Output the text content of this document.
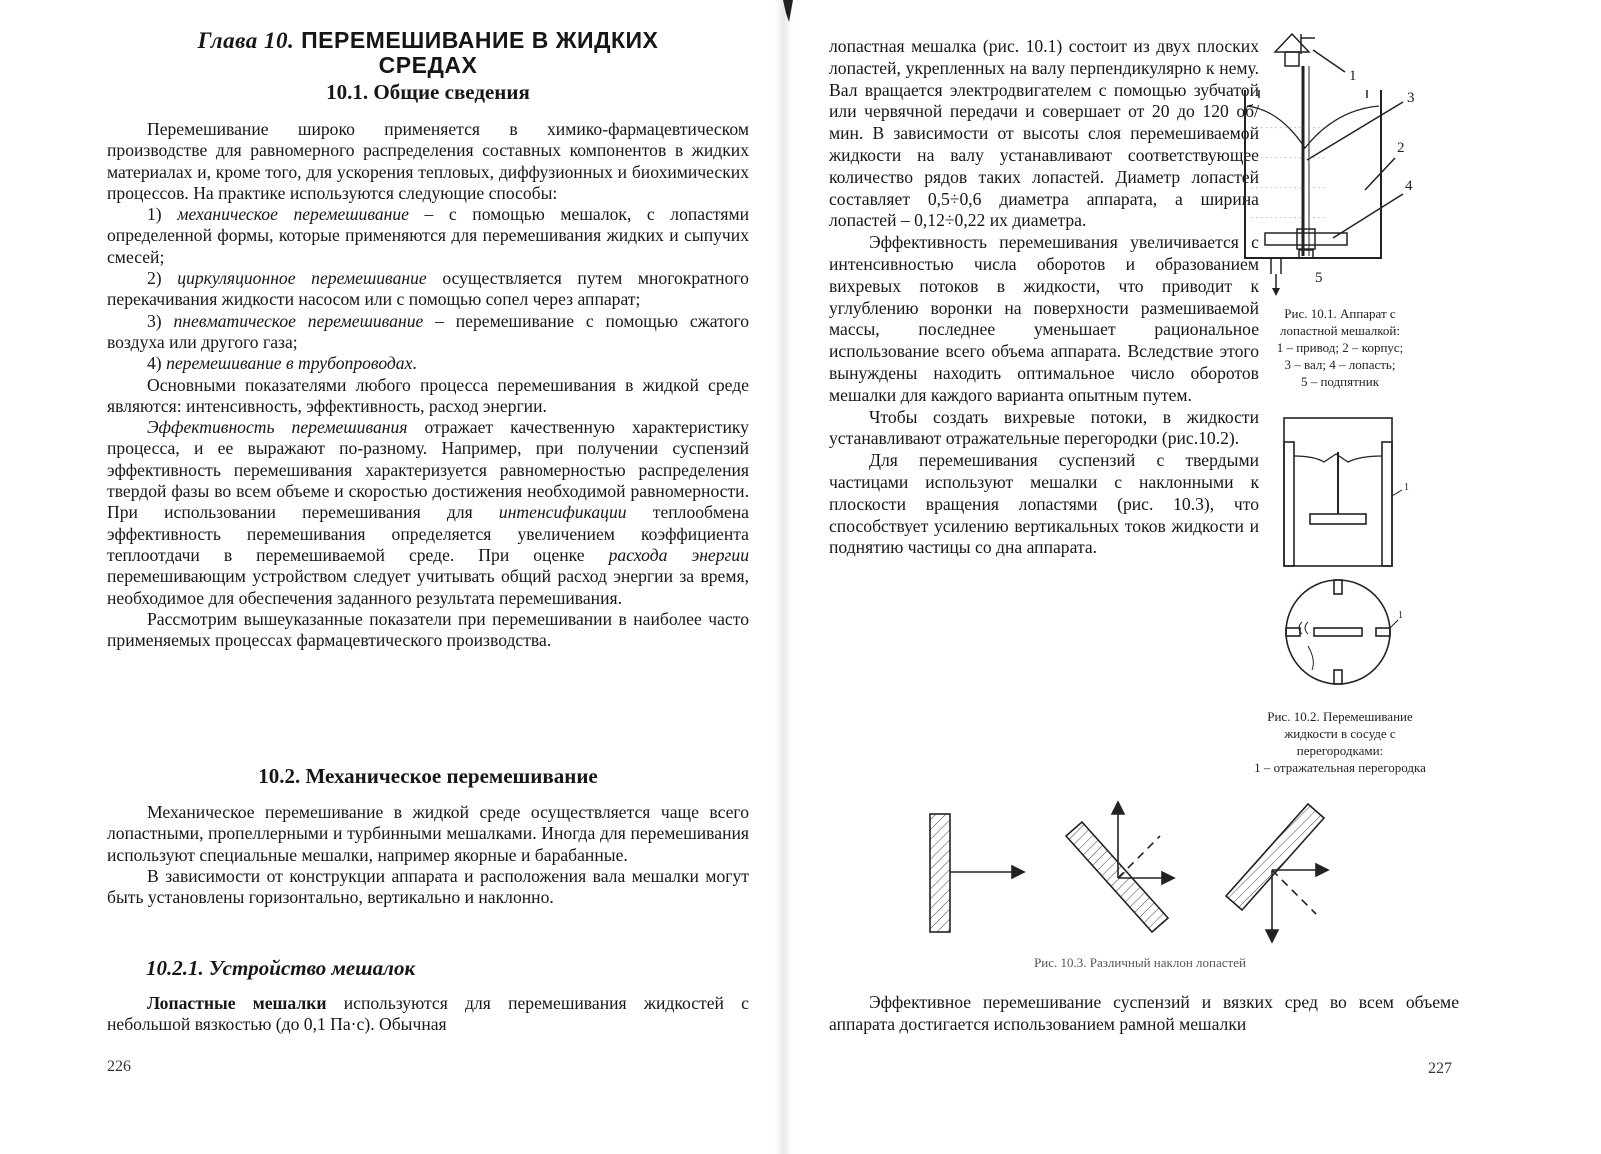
Глава 10. ПЕРЕМЕШИВАНИЕ В ЖИДКИХ
СРЕДАХ
10.1. Общие сведения

Перемешивание широко применяется в химико-фармацевтическом производстве для равномерного распределения составных компонентов в жидких материалах и, кроме того, для ускорения тепловых, диффузионных и биохимических процессов. На практике используются следующие способы:

1) механическое перемешивание – с помощью мешалок, с лопастями определенной формы, которые применяются для перемешивания жидких и сыпучих смесей;

2) циркуляционное перемешивание осуществляется путем многократного перекачивания жидкости насосом или с помощью сопел через аппарат;

3) пневматическое перемешивание – перемешивание с помощью сжатого воздуха или другого газа;

4) перемешивание в трубопроводах.

Основными показателями любого процесса перемешивания в жидкой среде являются: интенсивность, эффективность, расход энергии.

Эффективность перемешивания отражает качественную характеристику процесса, и ее выражают по-разному. Например, при получении суспензий эффективность перемешивания характеризуется равномерностью распределения твердой фазы во всем объеме и скоростью достижения необходимой равномерности. При использовании перемешивания для интенсификации теплообмена эффективность перемешивания определяется увеличением коэффициента теплоотдачи в перемешиваемой среде. При оценке расхода энергии перемешивающим устройством следует учитывать общий расход энергии за время, необходимое для обеспечения заданного результата перемешивания.

Рассмотрим вышеуказанные показатели при перемешивании в наиболее часто применяемых процессах фармацевтического производства.

10.2. Механическое перемешивание

Механическое перемешивание в жидкой среде осуществляется чаще всего лопастными, пропеллерными и турбинными мешалками. Иногда для перемешивания используют специальные мешалки, например якорные и барабанные.

В зависимости от конструкции аппарата и расположения вала мешалки могут быть установлены горизонтально, вертикально и наклонно.

10.2.1. Устройство мешалок

Лопастные мешалки используются для перемешивания жидкостей с небольшой вязкостью (до 0,1 Па·с). Обычная

226

лопастная мешалка (рис. 10.1) состоит из двух плоских лопастей, укрепленных на валу перпендикулярно к нему. Вал вращается электродвигателем с помощью зубчатой или червячной передачи и совершает от 20 до 120 об/мин. В зависимости от высоты слоя перемешиваемой жидкости на валу устанавливают соответствующее количество рядов таких лопастей. Диаметр лопастей составляет 0,5÷0,6 диаметра аппарата, а ширина лопастей – 0,12÷0,22 их диаметра.

Эффективность перемешивания увеличивается с интенсивностью числа оборотов и образованием вихревых потоков в жидкости, что приводит к углублению воронки на поверхности размешиваемой массы, последнее уменьшает рациональное использование всего объема аппарата. Вследствие этого вынуждены находить оптимальное число оборотов мешалки для каждого варианта опытным путем.

Чтобы создать вихревые потоки, в жидкости устанавливают отражательные перегородки (рис.10.2).

Для перемешивания суспензий с твердыми частицами используют мешалки с наклонными к плоскости вращения лопастями (рис. 10.3), что способствует усилению вертикальных токов жидкости и поднятию частицы со дна аппарата.

- - - - - - - - - - - - - - - -
- - - - - - - - - - - - - - - -
- - - - - - - - - - - - - - - -
- - - - - - - - - - - - - - - -
1
3
2
4
5
Рис. 10.1. Аппарат с
лопастной мешалкой:
1 – привод; 2 – корпус;
3 – вал; 4 – лопасть;
5 – подпятник
1
1
Рис. 10.2. Перемешивание
жидкости в сосуде с
перегородками:
1 – отражательная перегородка
Рис. 10.3. Различный наклон лопастей

Эффективное перемешивание суспензий и вязких сред во всем объеме аппарата достигается использованием рамной мешалки

227
